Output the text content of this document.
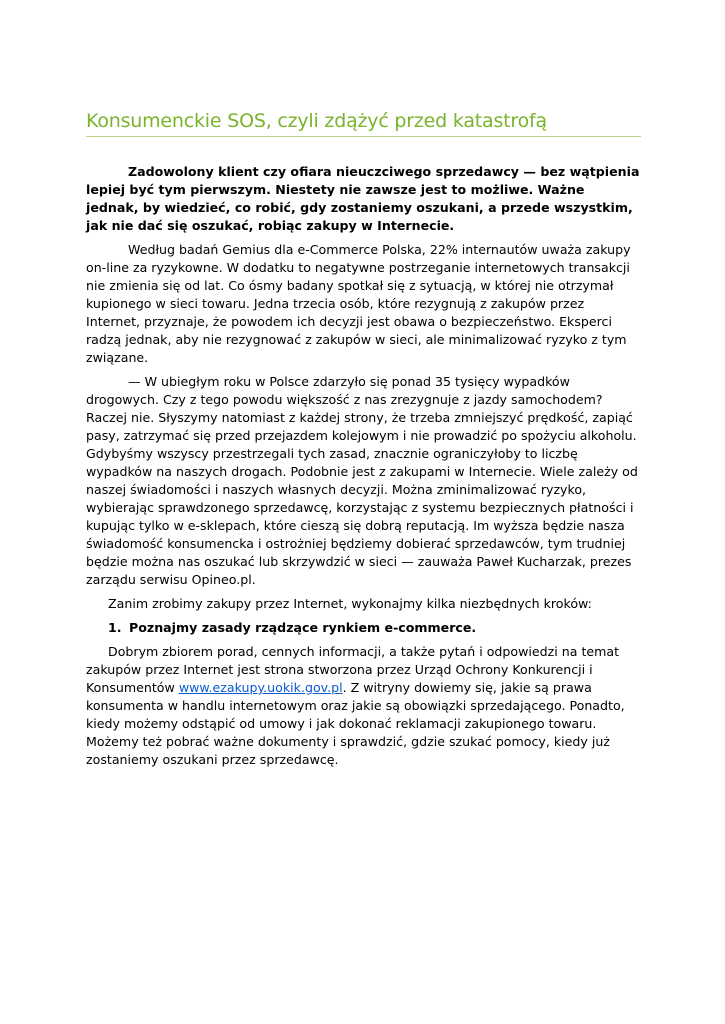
Konsumenckie SOS, czyli zdążyć przed katastrofą

Zadowolony klient czy ofiara nieuczciwego sprzedawcy — bez wątpienia lepiej być tym pierwszym. Niestety nie zawsze jest to możliwe. Ważne jednak, by wiedzieć, co robić, gdy zostaniemy oszukani, a przede wszystkim, jak nie dać się oszukać, robiąc zakupy w Internecie.

Według badań Gemius dla e-Commerce Polska, 22% internautów uważa zakupy on-line za ryzykowne. W dodatku to negatywne postrzeganie internetowych transakcji nie zmienia się od lat. Co ósmy badany spotkał się z sytuacją, w której nie otrzymał kupionego w sieci towaru. Jedna trzecia osób, które rezygnują z zakupów przez Internet, przyznaje, że powodem ich decyzji jest obawa o bezpieczeństwo. Eksperci radzą jednak, aby nie rezygnować z zakupów w sieci, ale minimalizować ryzyko z tym związane.

— W ubiegłym roku w Polsce zdarzyło się ponad 35 tysięcy wypadków drogowych. Czy z tego powodu większość z nas zrezygnuje z jazdy samochodem? Raczej nie. Słyszymy natomiast z każdej strony, że trzeba zmniejszyć prędkość, zapiąć pasy, zatrzymać się przed przejazdem kolejowym i nie prowadzić po spożyciu alkoholu. Gdybyśmy wszyscy przestrzegali tych zasad, znacznie ograniczyłoby to liczbę wypadków na naszych drogach. Podobnie jest z zakupami w Internecie. Wiele zależy od naszej świadomości i naszych własnych decyzji. Można zminimalizować ryzyko, wybierając sprawdzonego sprzedawcę, korzystając z systemu bezpiecznych płatności i kupując tylko w e-sklepach, które cieszą się dobrą reputacją. Im wyższa będzie nasza świadomość konsumencka i ostrożniej będziemy dobierać sprzedawców, tym trudniej będzie można nas oszukać lub skrzywdzić w sieci — zauważa Paweł Kucharzak, prezes zarządu serwisu Opineo.pl.

Zanim zrobimy zakupy przez Internet, wykonajmy kilka niezbędnych kroków:

1. Poznajmy zasady rządzące rynkiem e-commerce.

Dobrym zbiorem porad, cennych informacji, a także pytań i odpowiedzi na temat zakupów przez Internet jest strona stworzona przez Urząd Ochrony Konkurencji i Konsumentów www.ezakupy.uokik.gov.pl. Z witryny dowiemy się, jakie są prawa konsumenta w handlu internetowym oraz jakie są obowiązki sprzedającego. Ponadto, kiedy możemy odstąpić od umowy i jak dokonać reklamacji zakupionego towaru. Możemy też pobrać ważne dokumenty i sprawdzić, gdzie szukać pomocy, kiedy już zostaniemy oszukani przez sprzedawcę.
